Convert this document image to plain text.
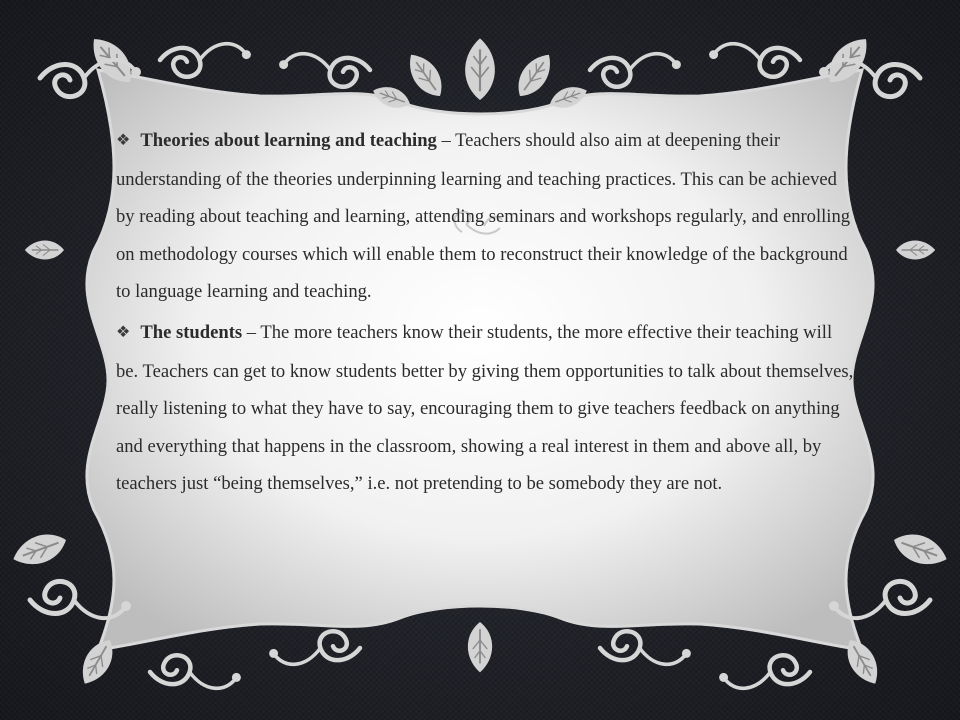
❖ Theories about learning and teaching – Teachers should also aim at deepening their understanding of the theories underpinning learning and teaching practices. This can be achieved by reading about teaching and learning, attending seminars and workshops regularly, and enrolling on methodology courses which will enable them to reconstruct their knowledge of the background to language learning and teaching.

❖ The students – The more teachers know their students, the more effective their teaching will be. Teachers can get to know students better by giving them opportunities to talk about themselves, really listening to what they have to say, encouraging them to give teachers feedback on anything and everything that happens in the classroom, showing a real interest in them and above all, by teachers just “being themselves,” i.e. not pretending to be somebody they are not.
